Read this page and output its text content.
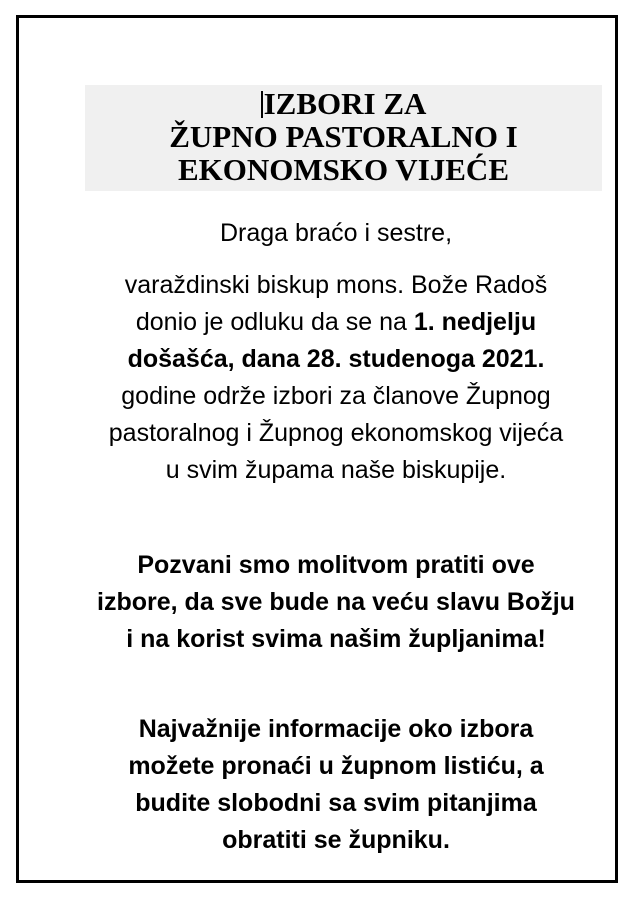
IZBORI ZA
ŽUPNO PASTORALNO I
EKONOMSKO VIJEĆE
Draga braćo i sestre,
varaždinski biskup mons. Bože Radoš
donio je odluku da se na 1. nedjelju
došašća, dana 28. studenoga 2021.
godine održe izbori za članove Župnog
pastoralnog i Župnog ekonomskog vijeća
u svim župama naše biskupije.
Pozvani smo molitvom pratiti ove
izbore, da sve bude na veću slavu Božju
i na korist svima našim župljanima!
Najvažnije informacije oko izbora
možete pronaći u župnom listiću, a
budite slobodni sa svim pitanjima
obratiti se župniku.
